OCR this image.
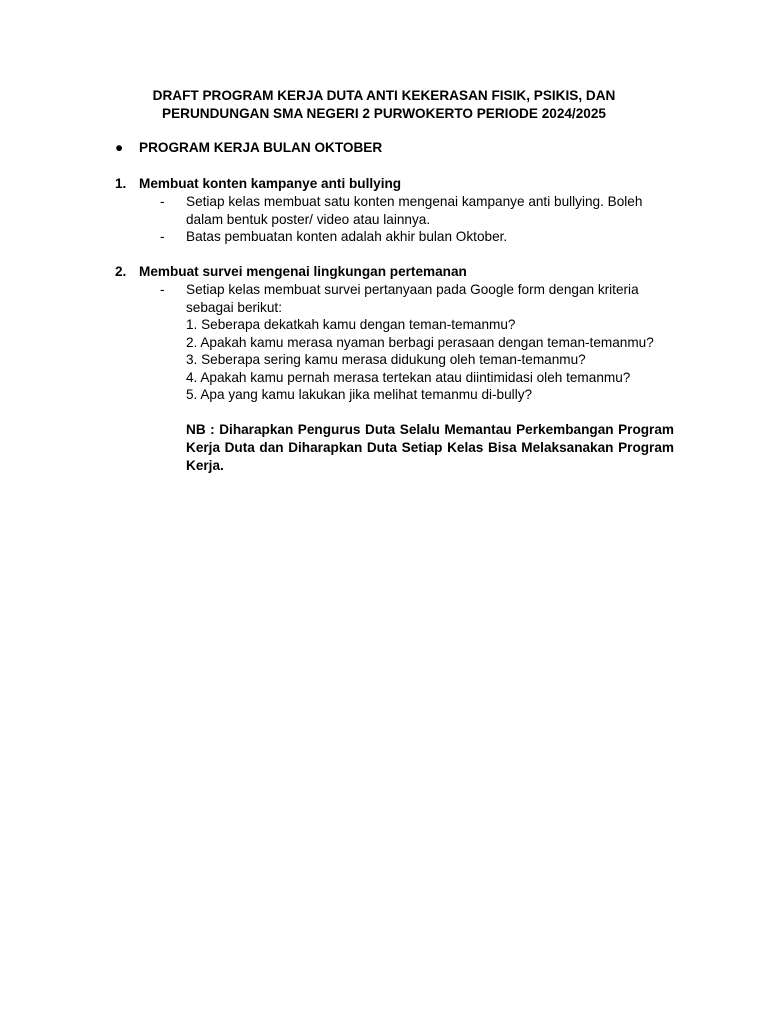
DRAFT PROGRAM KERJA DUTA ANTI KEKERASAN FISIK, PSIKIS, DAN
PERUNDUNGAN SMA NEGERI 2 PURWOKERTO PERIODE 2024/2025
● PROGRAM KERJA BULAN OKTOBER
1. Membuat konten kampanye anti bullying
- Setiap kelas membuat satu konten mengenai kampanye anti bullying. Boleh
dalam bentuk poster/ video atau lainnya.
- Batas pembuatan konten adalah akhir bulan Oktober.
2. Membuat survei mengenai lingkungan pertemanan
- Setiap kelas membuat survei pertanyaan pada Google form dengan kriteria
sebagai berikut:
1. Seberapa dekatkah kamu dengan teman-temanmu?
2. Apakah kamu merasa nyaman berbagi perasaan dengan teman-temanmu?
3. Seberapa sering kamu merasa didukung oleh teman-temanmu?
4. Apakah kamu pernah merasa tertekan atau diintimidasi oleh temanmu?
5. Apa yang kamu lakukan jika melihat temanmu di-bully?
NB : Diharapkan Pengurus Duta Selalu Memantau Perkembangan Program Kerja Duta dan Diharapkan Duta Setiap Kelas Bisa Melaksanakan Program Kerja.
